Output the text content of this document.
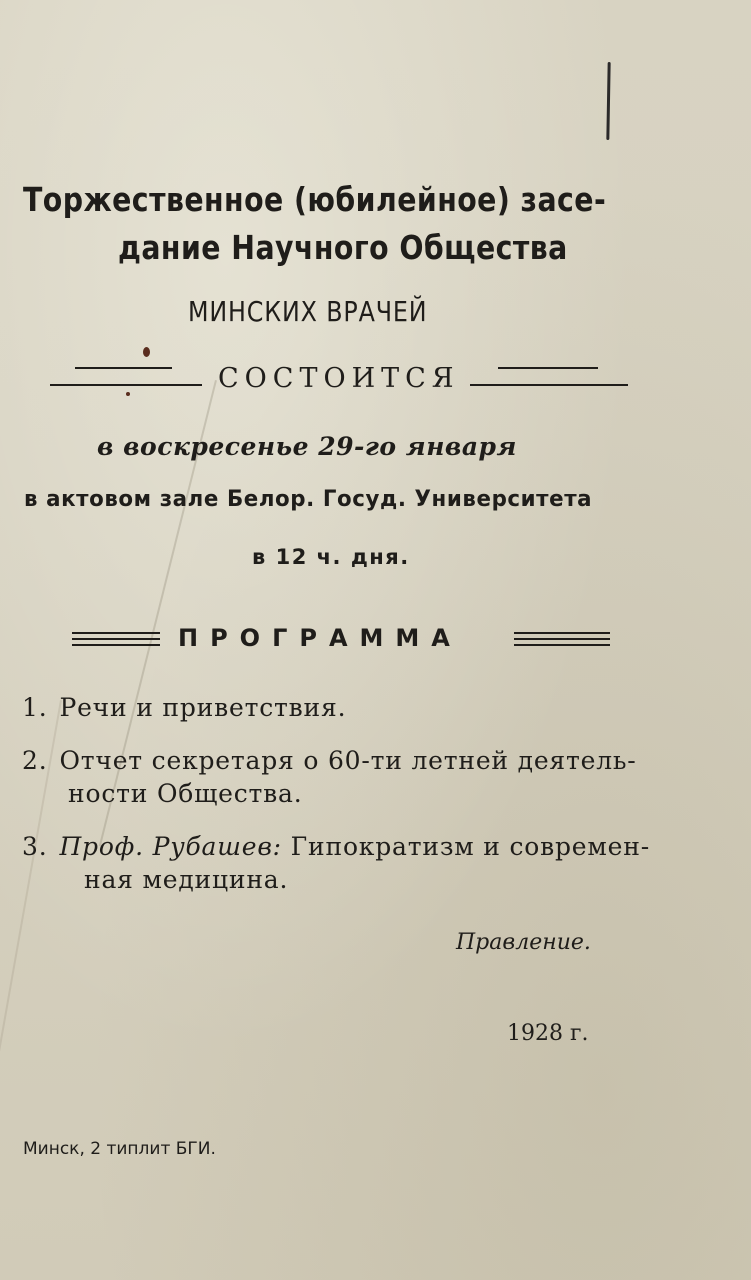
Торжественное (юбилейное) засе-
дание Научного Общества
МИНСКИХ ВРАЧЕЙ
СОСТОИТСЯ
в воскресенье 29-го января
в актовом зале Белор. Госуд. Университета
в 12 ч. дня.
ПРОГРАММА
1. Речи и приветствия.
2. Отчет секретаря о 60-ти летней деятель-
ности Общества.
3. Проф. Рубашев: Гипократизм и современ-
ная медицина.
Правление.
1928 г.
Минск, 2 типлит БГИ.
